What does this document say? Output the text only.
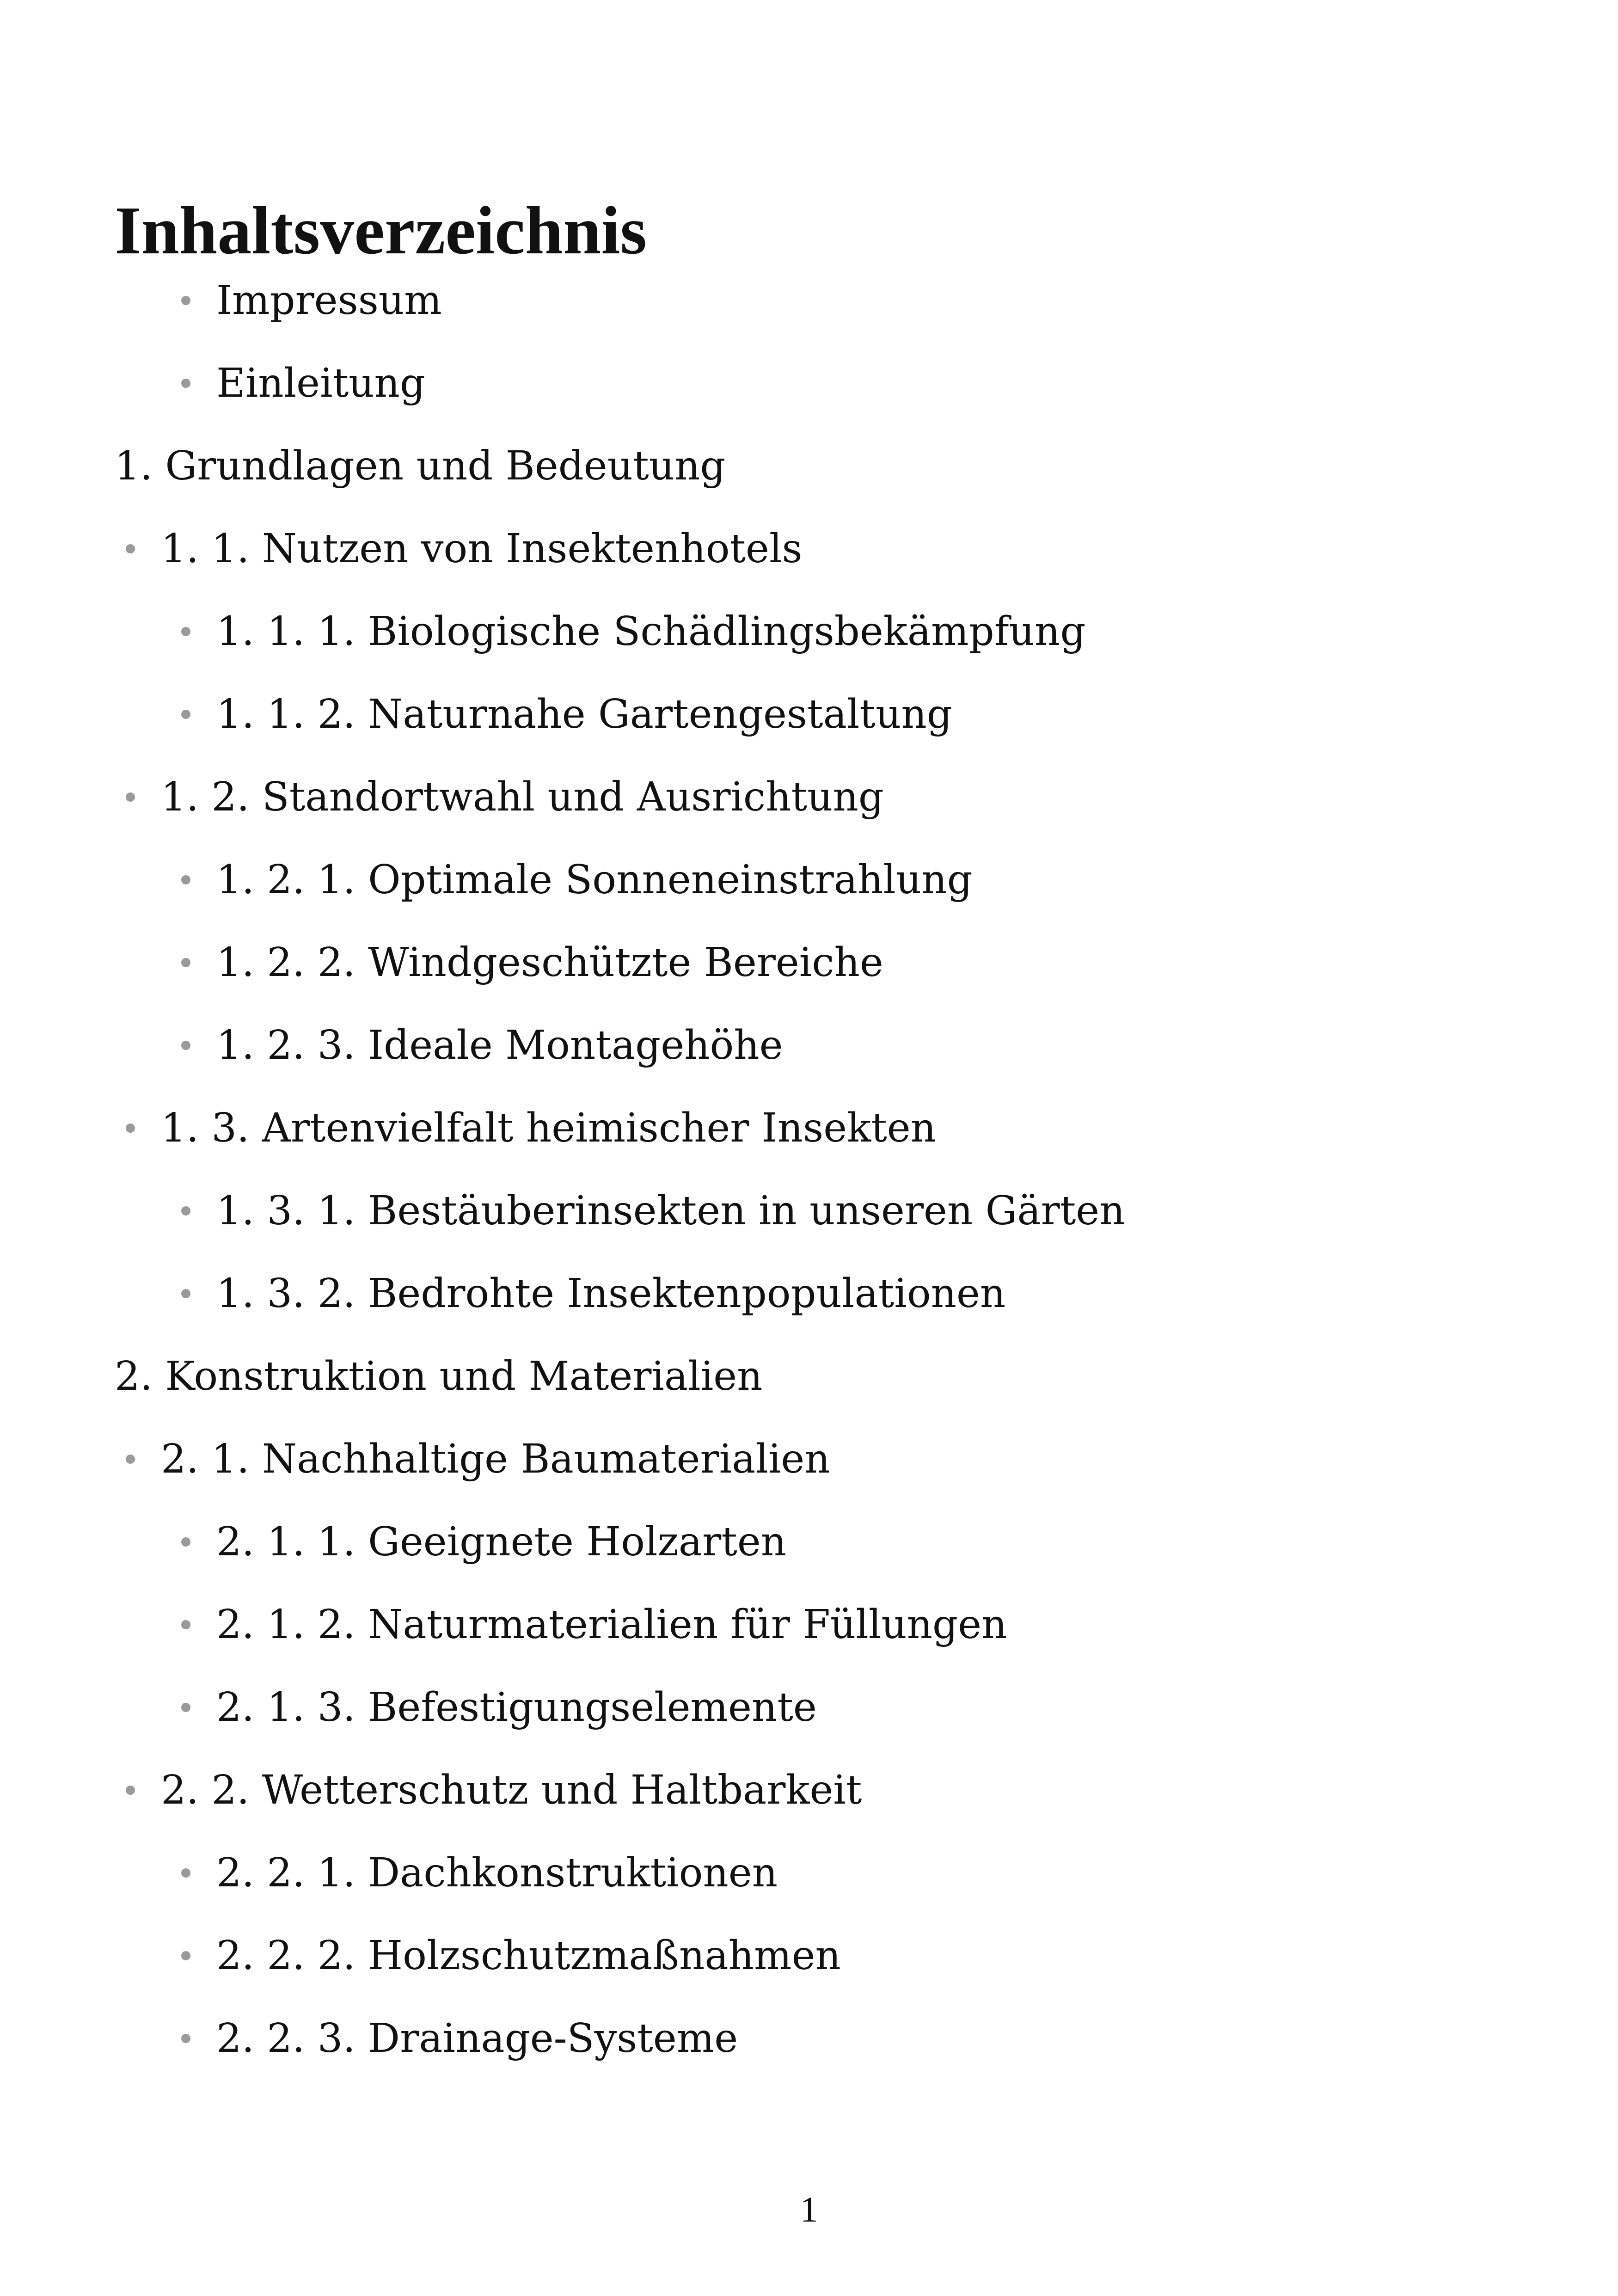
Inhaltsverzeichnis
Impressum
Einleitung
1. Grundlagen und Bedeutung
1. 1. Nutzen von Insektenhotels
1. 1. 1. Biologische Schädlingsbekämpfung
1. 1. 2. Naturnahe Gartengestaltung
1. 2. Standortwahl und Ausrichtung
1. 2. 1. Optimale Sonneneinstrahlung
1. 2. 2. Windgeschützte Bereiche
1. 2. 3. Ideale Montagehöhe
1. 3. Artenvielfalt heimischer Insekten
1. 3. 1. Bestäuberinsekten in unseren Gärten
1. 3. 2. Bedrohte Insektenpopulationen
2. Konstruktion und Materialien
2. 1. Nachhaltige Baumaterialien
2. 1. 1. Geeignete Holzarten
2. 1. 2. Naturmaterialien für Füllungen
2. 1. 3. Befestigungselemente
2. 2. Wetterschutz und Haltbarkeit
2. 2. 1. Dachkonstruktionen
2. 2. 2. Holzschutzmaßnahmen
2. 2. 3. Drainage-Systeme
1
